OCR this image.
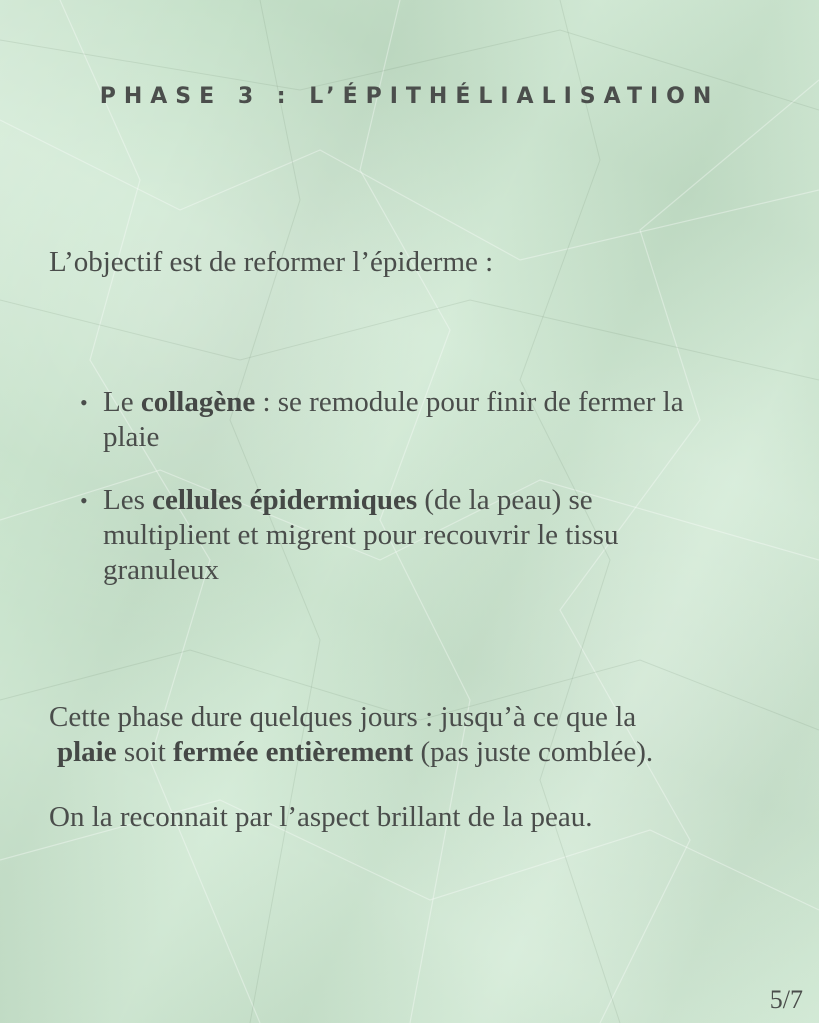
PHASE 3 : L’ÉPITHÉLIALISATION
L’objectif est de reformer l’épiderme :
• Le collagène : se remodule pour finir de fermer la
plaie
• Les cellules épidermiques (de la peau) se
multiplient et migrent pour recouvrir le tissu
granuleux
Cette phase dure quelques jours : jusqu’à ce que la
plaie soit fermée entièrement (pas juste comblée).
On la reconnait par l’aspect brillant de la peau.
5/7
